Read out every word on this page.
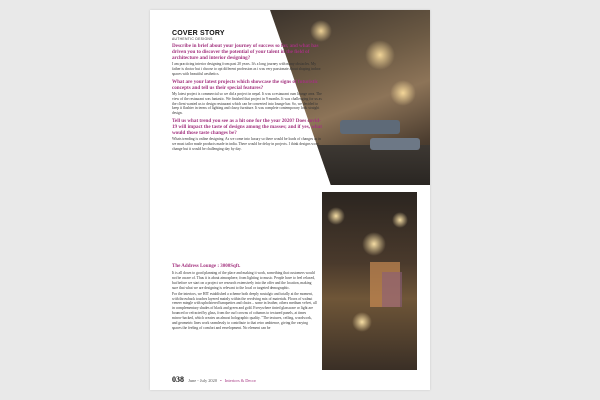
COVER STORY
AUTHENTIC DESIGNS
Describe in brief about your journey of success so far, and what has driven you to discover the potential of your talent in the field of architecture and interior designing?

I am practicing interior designing from past 20 years. It's a long journey with many obstacles. My father is doctor but i choose to opt different profession as i was very passionate about shaping indoor spaces with beautiful aesthetics.

What are your latest projects which showcase the signs of futuristic concepts and tell us their special features?

My latest project is commercial so we did a project in nepal. It was a restaurant cum lounge area. The view of the restaurant was fantastic. We finished that project in 9 months. It was challenging for us as the client wanted us to design restaurant which can be converted into lounge bar. So, we decided to keep it flashier in terms of lighting and classy furniture. It was complete contemporary look straight design.

Tell us what trend you see as a hit one for the year 2020? Does covid-19 will impact the taste of designs among the masses; and if yes, what would those taste changes be?

Whats trending is online designing. As we come into luxury so there would be loads of changes as in we must tailor made products made in india. There would be delay in projects. I think designs wont change but it would be challenging day by day.

The Address Lounge : 3000Sqft.

It is all down to good planning of the place and making it work, something that customers would not be aware of. Thus it is about atmosphere, from lighting to music. People have to feel relaxed, but before we start on a project we research extensively into the offer and the location, making sure that what we are designing is relevant to the local or targeted demographic.

For the interiors, we HIT established a scheme both deeply nostalgic and totally at the moment, with throwback touches layered mainly within the revolving mix of materials. Floors of walnut veneer mingle with upholstered banquettes and chairs – some in leather, others medium velvet, all in complementary shades of black and green and gold. Everywhere tinted glassware or light are bounced or refracted by glass, from the curl crowns of columns to textured panels, at times mirror-backed, which creates an almost holographic quality. "The textures, ceiling, woodwork, and geometric lines work seamlessly to contribute to that retro ambience, giving the varying spaces the feeling of comfort and envelopment. No element can be

038 June - July 2020 • Interiors & Decor
